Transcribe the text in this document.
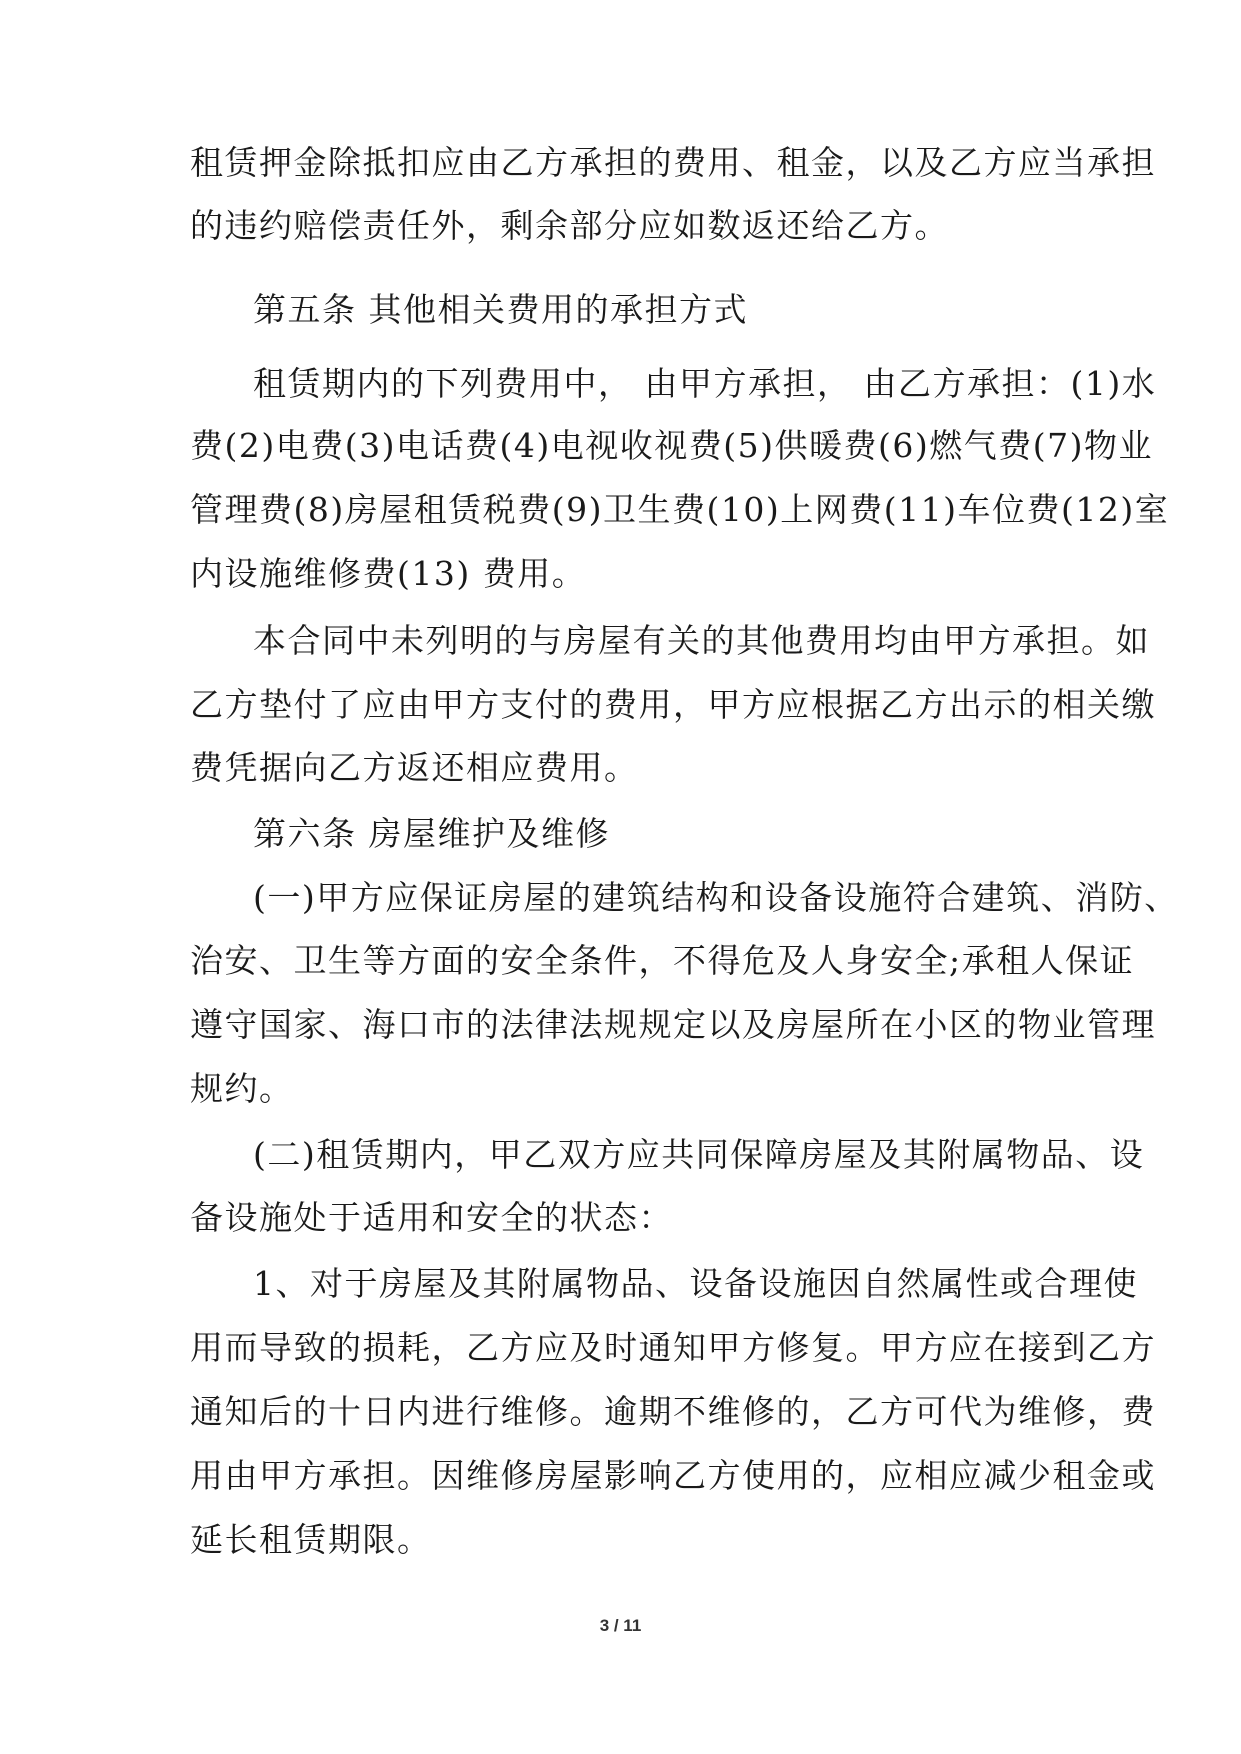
租赁押金除抵扣应由乙方承担的费用、租金，以及乙方应当承担
的违约赔偿责任外，剩余部分应如数返还给乙方。
第五条 其他相关费用的承担方式
租赁期内的下列费用中， 由甲方承担， 由乙方承担：(1)水
费(2)电费(3)电话费(4)电视收视费(5)供暖费(6)燃气费(7)物业
管理费(8)房屋租赁税费(9)卫生费(10)上网费(11)车位费(12)室
内设施维修费(13) 费用。
本合同中未列明的与房屋有关的其他费用均由甲方承担。如
乙方垫付了应由甲方支付的费用，甲方应根据乙方出示的相关缴
费凭据向乙方返还相应费用。
第六条 房屋维护及维修
(一)甲方应保证房屋的建筑结构和设备设施符合建筑、消防、
治安、卫生等方面的安全条件，不得危及人身安全;承租人保证
遵守国家、海口市的法律法规规定以及房屋所在小区的物业管理
规约。
(二)租赁期内，甲乙双方应共同保障房屋及其附属物品、设
备设施处于适用和安全的状态：
1、对于房屋及其附属物品、设备设施因自然属性或合理使
用而导致的损耗，乙方应及时通知甲方修复。甲方应在接到乙方
通知后的十日内进行维修。逾期不维修的，乙方可代为维修，费
用由甲方承担。因维修房屋影响乙方使用的，应相应减少租金或
延长租赁期限。
3 / 11
